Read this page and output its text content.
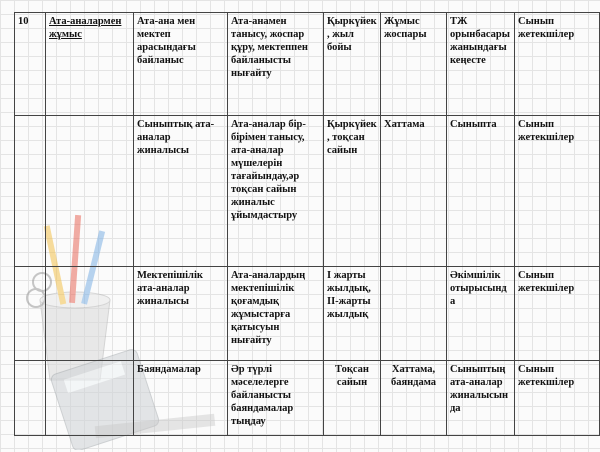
10	Ата-аналармен жұмыс	Ата-ана мен мектеп арасындағы байланыс	Ата-анамен танысу, жоспар құру, мектеппен байланысты нығайту	Қыркүйек, жыл бойы	Жұмыс жоспары	ТЖ орынбасары жанындағы кеңесте	Сынып жетекшілер
		Сыныптық ата-аналар жиналысы	Ата-аналар бір-бірімен танысу, ата-аналар мүшелерін тағайындау,әр тоқсан сайын жиналыс ұйымдастыру	Қыркүйек, тоқсан сайын	Хаттама	Сыныпта	Сынып жетекшілер
		Мектепішілік ата-аналар жиналысы	Ата-аналардың мектепішілік қоғамдық жұмыстарға қатысуын нығайту	І жарты жылдық, ІІ-жарты жылдық		Әкімшілік отырысында	Сынып жетекшілер
		Баяндамалар	Әр түрлі мәселелерге байланысты баяндамалар тыңдау	Тоқсан сайын	Хаттама, баяндама	Сыныптың ата-аналар жиналысында	Сынып жетекшілер
